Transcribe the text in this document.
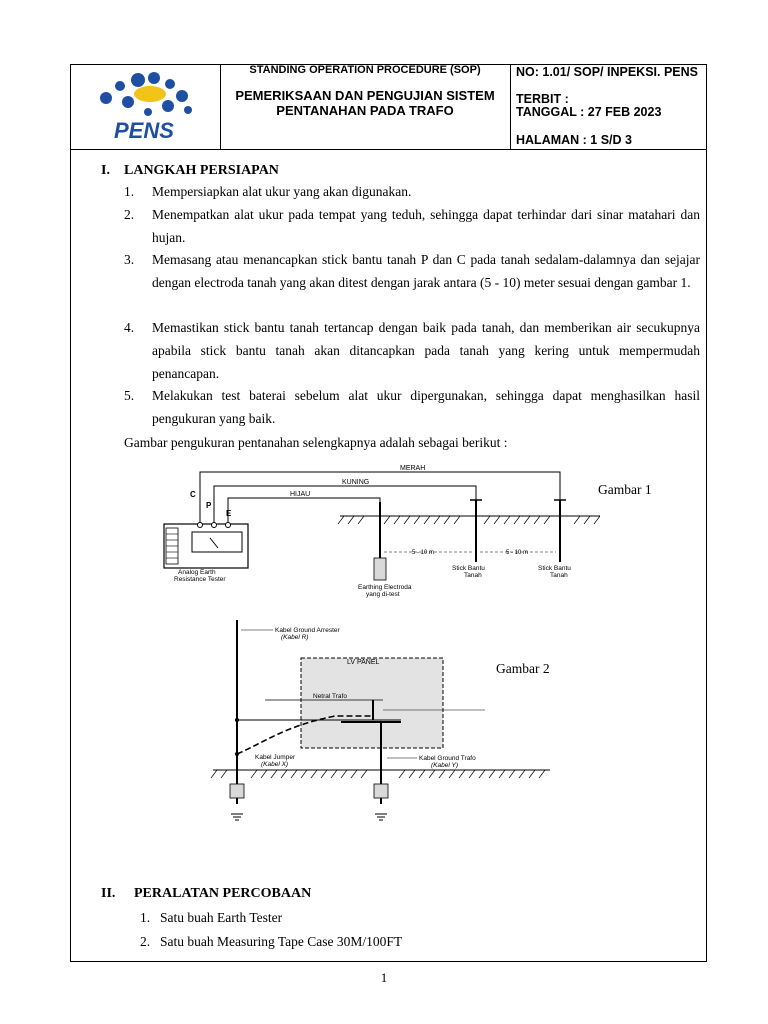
PENS
STANDING OPERATION PROCEDURE (SOP)
PEMERIKSAAN DAN PENGUJIAN SISTEM PENTANAHAN PADA TRAFO
NO: 1.01/ SOP/ INPEKSI. PENS
TERBIT :
TANGGAL : 27 FEB 2023
HALAMAN : 1 S/D 3
I. LANGKAH PERSIAPAN
1. Mempersiapkan alat ukur yang akan digunakan.
2. Menempatkan alat ukur pada tempat yang teduh, sehingga dapat terhindar dari sinar matahari dan hujan.
3. Memasang atau menancapkan stick bantu tanah P dan C pada tanah sedalam-dalamnya dan sejajar dengan electroda tanah yang akan ditest dengan jarak antara (5 - 10) meter sesuai dengan gambar 1.
4. Memastikan stick bantu tanah tertancap dengan baik pada tanah, dan memberikan air secukupnya apabila stick bantu tanah akan ditancapkan pada tanah yang kering untuk mempermudah penancapan.
5. Melakukan test baterai sebelum alat ukur dipergunakan, sehingga dapat menghasilkan hasil pengukuran yang baik.
Gambar pengukuran pentanahan selengkapnya adalah sebagai berikut :
MERAH
KUNING
HIJAU
C
P
E
Analog Earth
Resistance Tester
Earthing Electroda
yang di-test
Stick Bantu
Tanah
Stick Bantu
Tanah
5 - 10 m	5 - 10 m
Gambar 1
Kabel Ground Arrester
(Kabel R)
LV PANEL
Netral Trafo
Kabel Jumper
(Kabel X)
Kabel Ground Trafo
(Kabel Y)
Gambar 2
II. PERALATAN PERCOBAAN
1. Satu buah Earth Tester
2. Satu buah Measuring Tape Case 30M/100FT
1
